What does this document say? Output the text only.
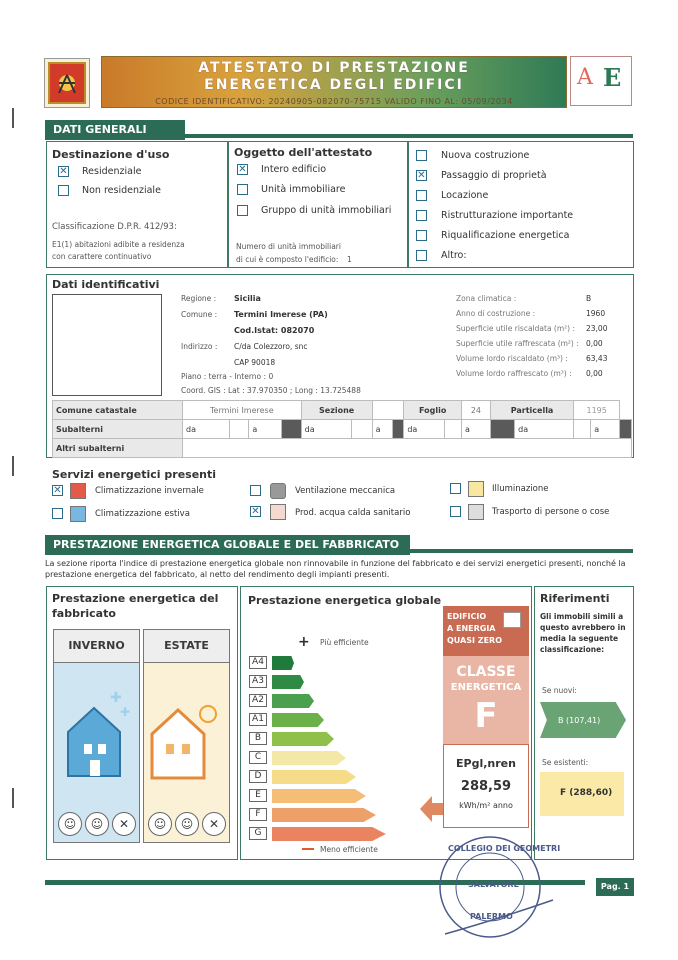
ATTESTATO DI PRESTAZIONE
ENERGETICA DEGLI EDIFICI
CODICE IDENTIFICATIVO: 20240905-082070-75715 VALIDO FINO AL: 05/09/2034
A E
DATI GENERALI
Destinazione d'uso
✕ Residenziale
Non residenziale
Classificazione D.P.R. 412/93:
E1(1) abitazioni adibite a residenza
con carattere continuativo
Oggetto dell'attestato
✕ Intero edificio
Unità immobiliare
Gruppo di unità immobiliari
Numero di unità immobiliari
di cui è composto l'edificio: 1
Nuova costruzione
✕ Passaggio di proprietà
Locazione
Ristrutturazione importante
Riqualificazione energetica
Altro:
Dati identificativi
Regione : Sicilia
Comune : Termini Imerese (PA)
Cod.Istat: 082070
Indirizzo : C/da Colezzoro, snc
CAP 90018
Piano : terra - Interno : 0
Coord. GIS : Lat : 37.970350 ; Long : 13.725488
Zona climatica :	B
Anno di costruzione :	1960
Superficie utile riscaldata (m²) : 23,00
Superficie utile raffrescata (m²) : 0,00
Volume lordo riscaldato (m³) : 63,43
Volume lordo raffrescato (m³) : 0,00
Comune catastale	Termini Imerese				Sezione				Foglio		24	Particella		1195		
Subalterni	da		a		da		a		da		a		da		a	
Altri subalterni																
Servizi energetici presenti
✕	Climatizzazione invernale	Ventilazione meccanica	Illuminazione
Climatizzazione estiva	✕	Prod. acqua calda sanitario	Trasporto di persone o cose
PRESTAZIONE ENERGETICA GLOBALE E DEL FABBRICATO
La sezione riporta l'indice di prestazione energetica globale non rinnovabile in funzione del fabbricato e dei servizi energetici presenti, nonché la prestazione energetica del fabbricato, al netto del rendimento degli impianti presenti.
Prestazione energetica del
fabbricato
INVERNO
✚
✚
ESTATE
☺	☺	✕	☺	☺	✕
Prestazione energetica globale
+ Più efficiente
A4
A3
A2
A1
B
C
D
E
F
G
Meno efficiente
EDIFICIO
A ENERGIA
QUASI ZERO
CLASSE
ENERGETICA
F
EPgl,nren
288,59
kWh/m² anno
Riferimenti
Gli immobili simili a
questo avrebbero in
media la seguente
classificazione:
Se nuovi:
B (107,41)
Se esistenti:
F (288,60)
Pag. 1
COLLEGIO DEI GEOMETRI
SALVATORE
PALERMO
